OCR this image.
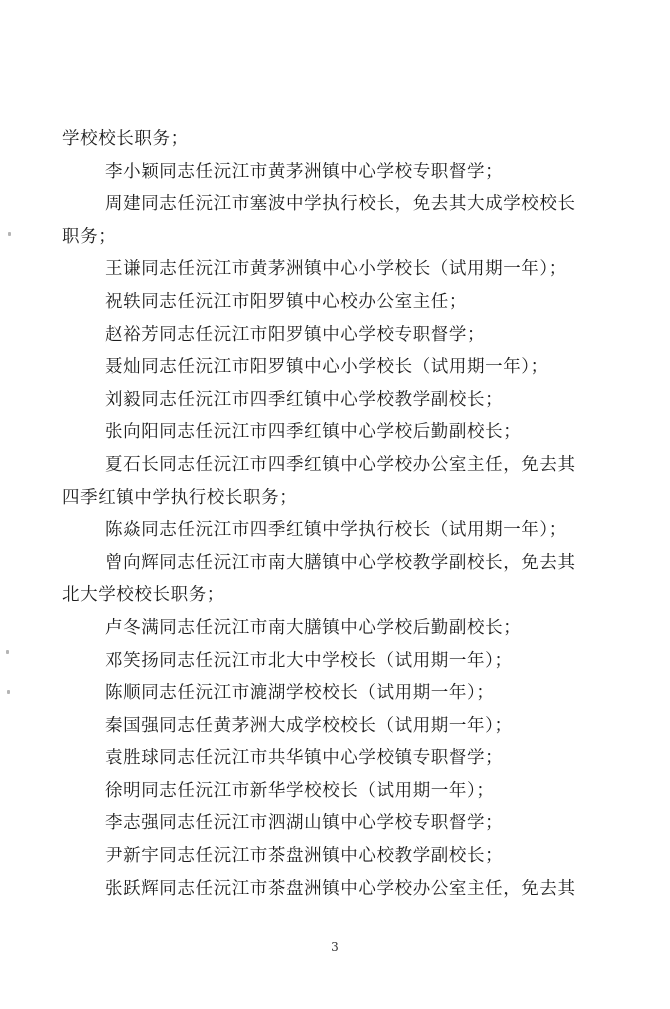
学校校长职务；
李小颖同志任沅江市黄茅洲镇中心学校专职督学；
周建同志任沅江市塞波中学执行校长，免去其大成学校校长
职务；
王谦同志任沅江市黄茅洲镇中心小学校长（试用期一年）；
祝轶同志任沅江市阳罗镇中心校办公室主任；
赵裕芳同志任沅江市阳罗镇中心学校专职督学；
聂灿同志任沅江市阳罗镇中心小学校长（试用期一年）；
刘毅同志任沅江市四季红镇中心学校教学副校长；
张向阳同志任沅江市四季红镇中心学校后勤副校长；
夏石长同志任沅江市四季红镇中心学校办公室主任，免去其
四季红镇中学执行校长职务；
陈焱同志任沅江市四季红镇中学执行校长（试用期一年）；
曾向辉同志任沅江市南大膳镇中心学校教学副校长，免去其
北大学校校长职务；
卢冬满同志任沅江市南大膳镇中心学校后勤副校长；
邓笑扬同志任沅江市北大中学校长（试用期一年）；
陈顺同志任沅江市漉湖学校校长（试用期一年）；
秦国强同志任黄茅洲大成学校校长（试用期一年）；
袁胜球同志任沅江市共华镇中心学校镇专职督学；
徐明同志任沅江市新华学校校长（试用期一年）；
李志强同志任沅江市泗湖山镇中心学校专职督学；
尹新宇同志任沅江市茶盘洲镇中心校教学副校长；
张跃辉同志任沅江市茶盘洲镇中心学校办公室主任，免去其
3
